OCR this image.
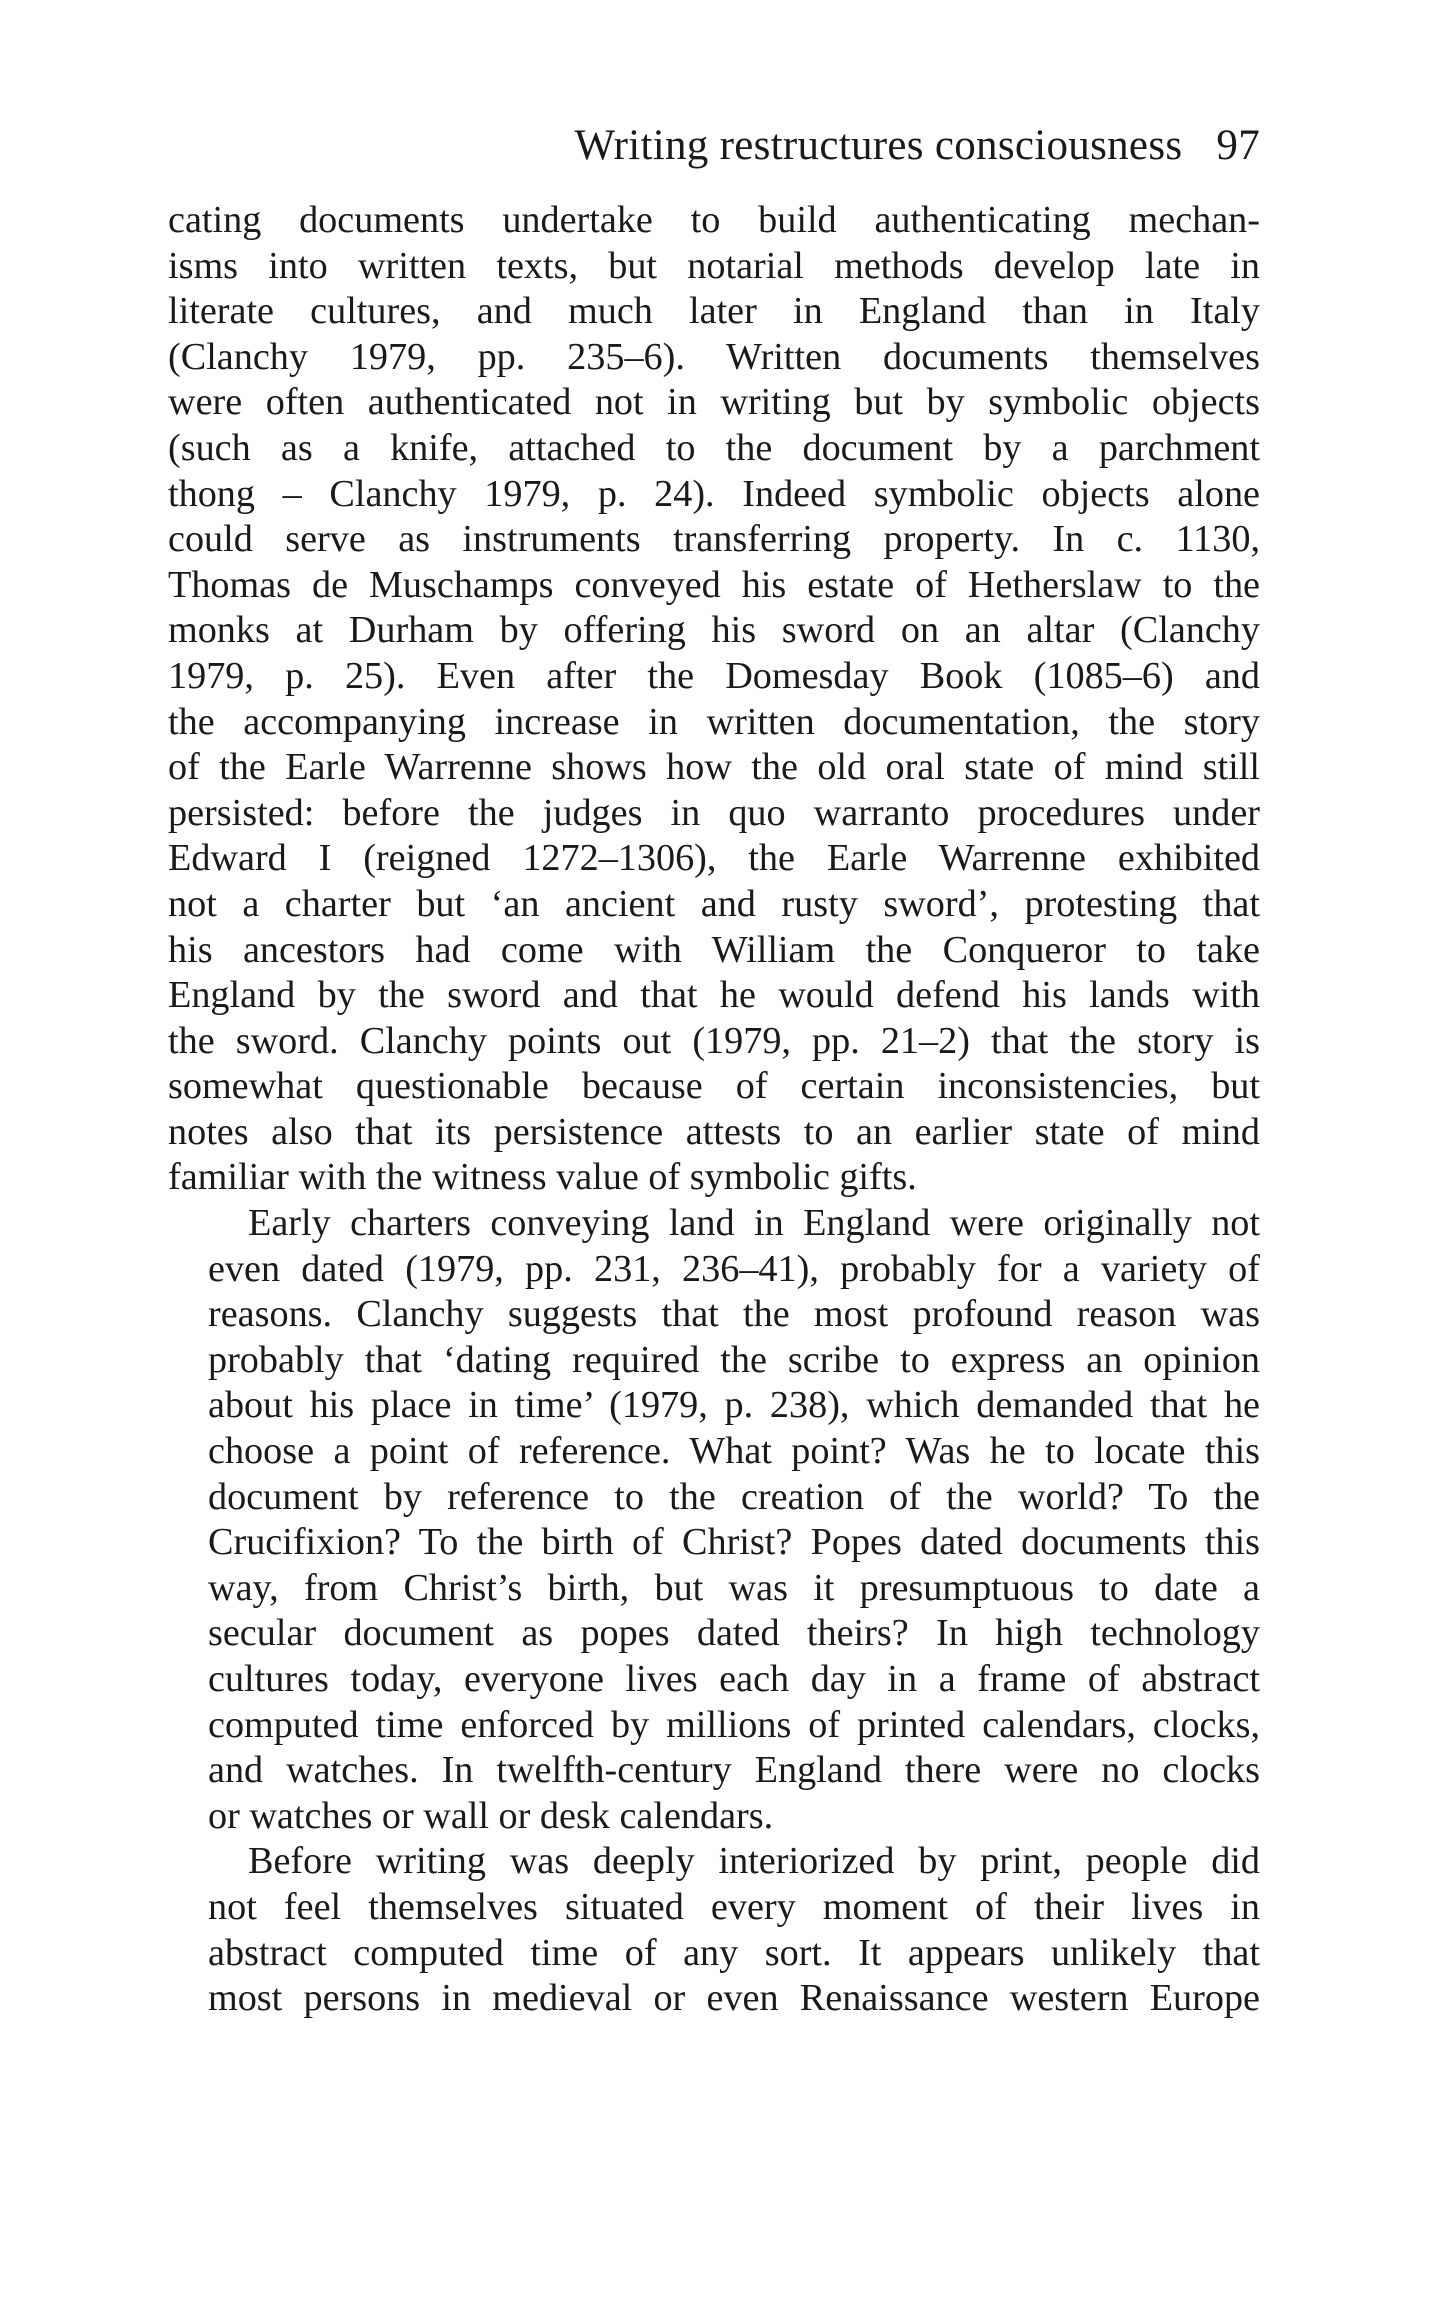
Writing restructures consciousness 97
cating documents undertake to build authenticating mechan-
isms into written texts, but notarial methods develop late in
literate cultures, and much later in England than in Italy
(Clanchy 1979, pp. 235–6). Written documents themselves
were often authenticated not in writing but by symbolic objects
(such as a knife, attached to the document by a parchment
thong – Clanchy 1979, p. 24). Indeed symbolic objects alone
could serve as instruments transferring property. In c. 1130,
Thomas de Muschamps conveyed his estate of Hetherslaw to the
monks at Durham by offering his sword on an altar (Clanchy
1979, p. 25). Even after the Domesday Book (1085–6) and
the accompanying increase in written documentation, the story
of the Earle Warrenne shows how the old oral state of mind still
persisted: before the judges in quo warranto procedures under
Edward I (reigned 1272–1306), the Earle Warrenne exhibited
not a charter but ‘an ancient and rusty sword’, protesting that
his ancestors had come with William the Conqueror to take
England by the sword and that he would defend his lands with
the sword. Clanchy points out (1979, pp. 21–2) that the story is
somewhat questionable because of certain inconsistencies, but
notes also that its persistence attests to an earlier state of mind
familiar with the witness value of symbolic gifts.
Early charters conveying land in England were originally not
even dated (1979, pp. 231, 236–41), probably for a variety of
reasons. Clanchy suggests that the most profound reason was
probably that ‘dating required the scribe to express an opinion
about his place in time’ (1979, p. 238), which demanded that he
choose a point of reference. What point? Was he to locate this
document by reference to the creation of the world? To the
Crucifixion? To the birth of Christ? Popes dated documents this
way, from Christ’s birth, but was it presumptuous to date a
secular document as popes dated theirs? In high technology
cultures today, everyone lives each day in a frame of abstract
computed time enforced by millions of printed calendars, clocks,
and watches. In twelfth-century England there were no clocks
or watches or wall or desk calendars.
Before writing was deeply interiorized by print, people did
not feel themselves situated every moment of their lives in
abstract computed time of any sort. It appears unlikely that
most persons in medieval or even Renaissance western Europe
